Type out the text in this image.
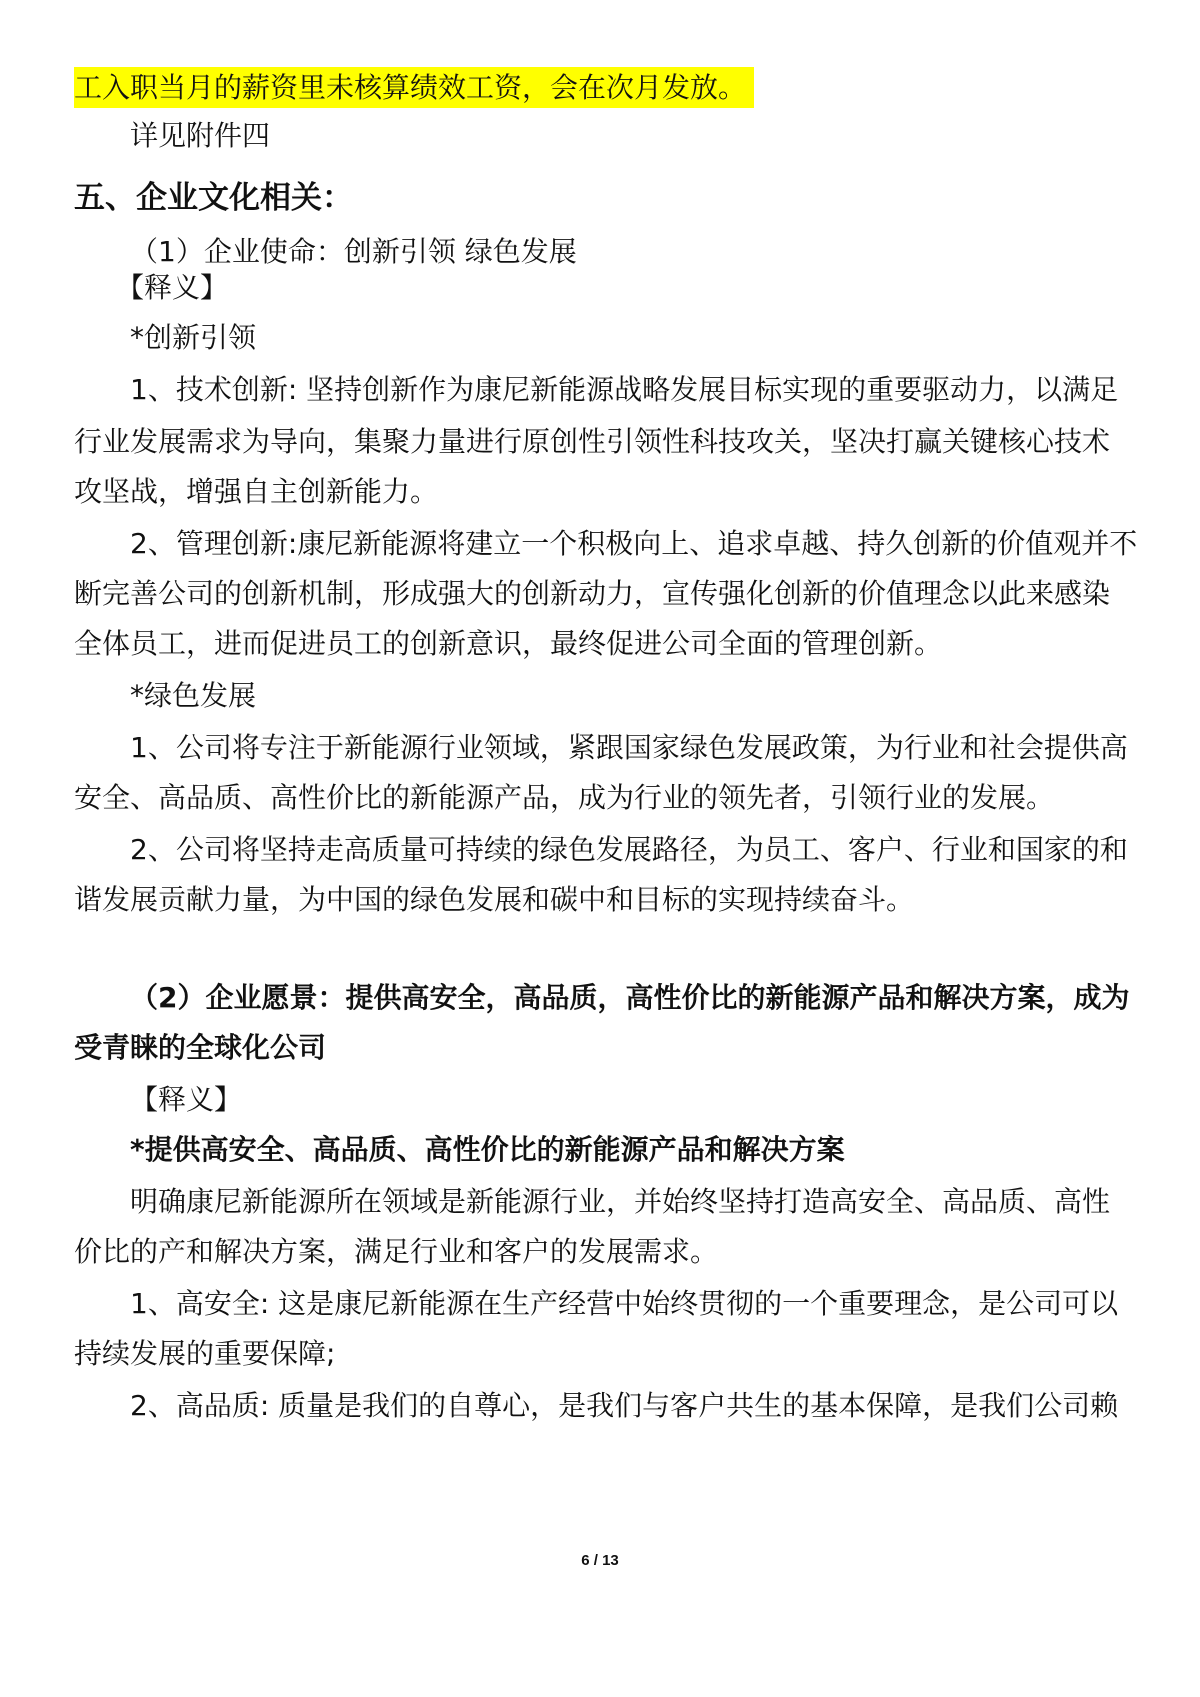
工入职当月的薪资里未核算绩效工资，会在次月发放。

详见附件四

五、企业文化相关：

（1）企业使命：创新引领 绿色发展

【释义】

*创新引领

1、技术创新: 坚持创新作为康尼新能源战略发展目标实现的重要驱动力，以满足

行业发展需求为导向，集聚力量进行原创性引领性科技攻关，坚决打赢关键核心技术

攻坚战，增强自主创新能力。

2、管理创新:康尼新能源将建立一个积极向上、追求卓越、持久创新的价值观并不

断完善公司的创新机制，形成强大的创新动力，宣传强化创新的价值理念以此来感染

全体员工，进而促进员工的创新意识，最终促进公司全面的管理创新。

*绿色发展

1、公司将专注于新能源行业领域，紧跟国家绿色发展政策，为行业和社会提供高

安全、高品质、高性价比的新能源产品，成为行业的领先者，引领行业的发展。

2、公司将坚持走高质量可持续的绿色发展路径，为员工、客户、行业和国家的和

谐发展贡献力量，为中国的绿色发展和碳中和目标的实现持续奋斗。

（2）企业愿景：提供高安全，高品质，高性价比的新能源产品和解决方案，成为

受青睐的全球化公司

【释义】

*提供高安全、高品质、高性价比的新能源产品和解决方案

明确康尼新能源所在领域是新能源行业，并始终坚持打造高安全、高品质、高性

价比的产和解决方案，满足行业和客户的发展需求。

1、高安全: 这是康尼新能源在生产经营中始终贯彻的一个重要理念，是公司可以

持续发展的重要保障;

2、高品质: 质量是我们的自尊心，是我们与客户共生的基本保障，是我们公司赖

6 / 13
